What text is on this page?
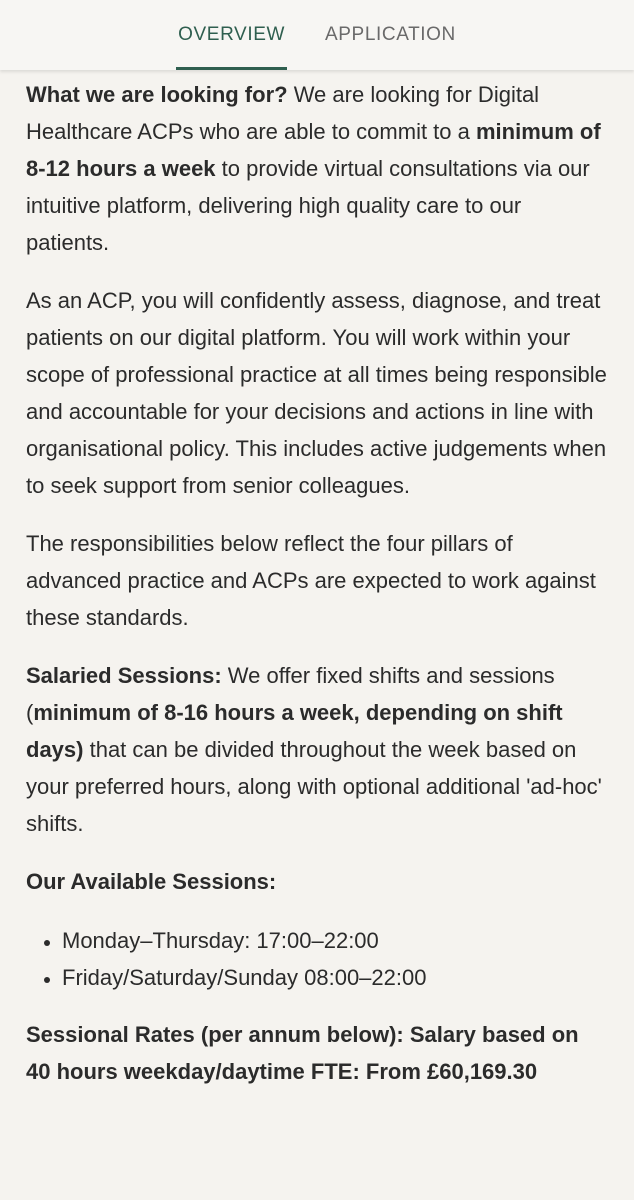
OVERVIEW APPLICATION

What we are looking for? We are looking for Digital Healthcare ACPs who are able to commit to a minimum of 8-12 hours a week to provide virtual consultations via our intuitive platform, delivering high quality care to our patients.

As an ACP, you will confidently assess, diagnose, and treat patients on our digital platform. You will work within your scope of professional practice at all times being responsible and accountable for your decisions and actions in line with organisational policy. This includes active judgements when to seek support from senior colleagues.

The responsibilities below reflect the four pillars of advanced practice and ACPs are expected to work against these standards.

Salaried Sessions: We offer fixed shifts and sessions (minimum of 8-16 hours a week, depending on shift days) that can be divided throughout the week based on your preferred hours, along with optional additional 'ad-hoc' shifts.

Our Available Sessions:

• Monday–Thursday: 17:00–22:00
• Friday/Saturday/Sunday 08:00–22:00

Sessional Rates (per annum below): Salary based on 40 hours weekday/daytime FTE: From £60,169.30
